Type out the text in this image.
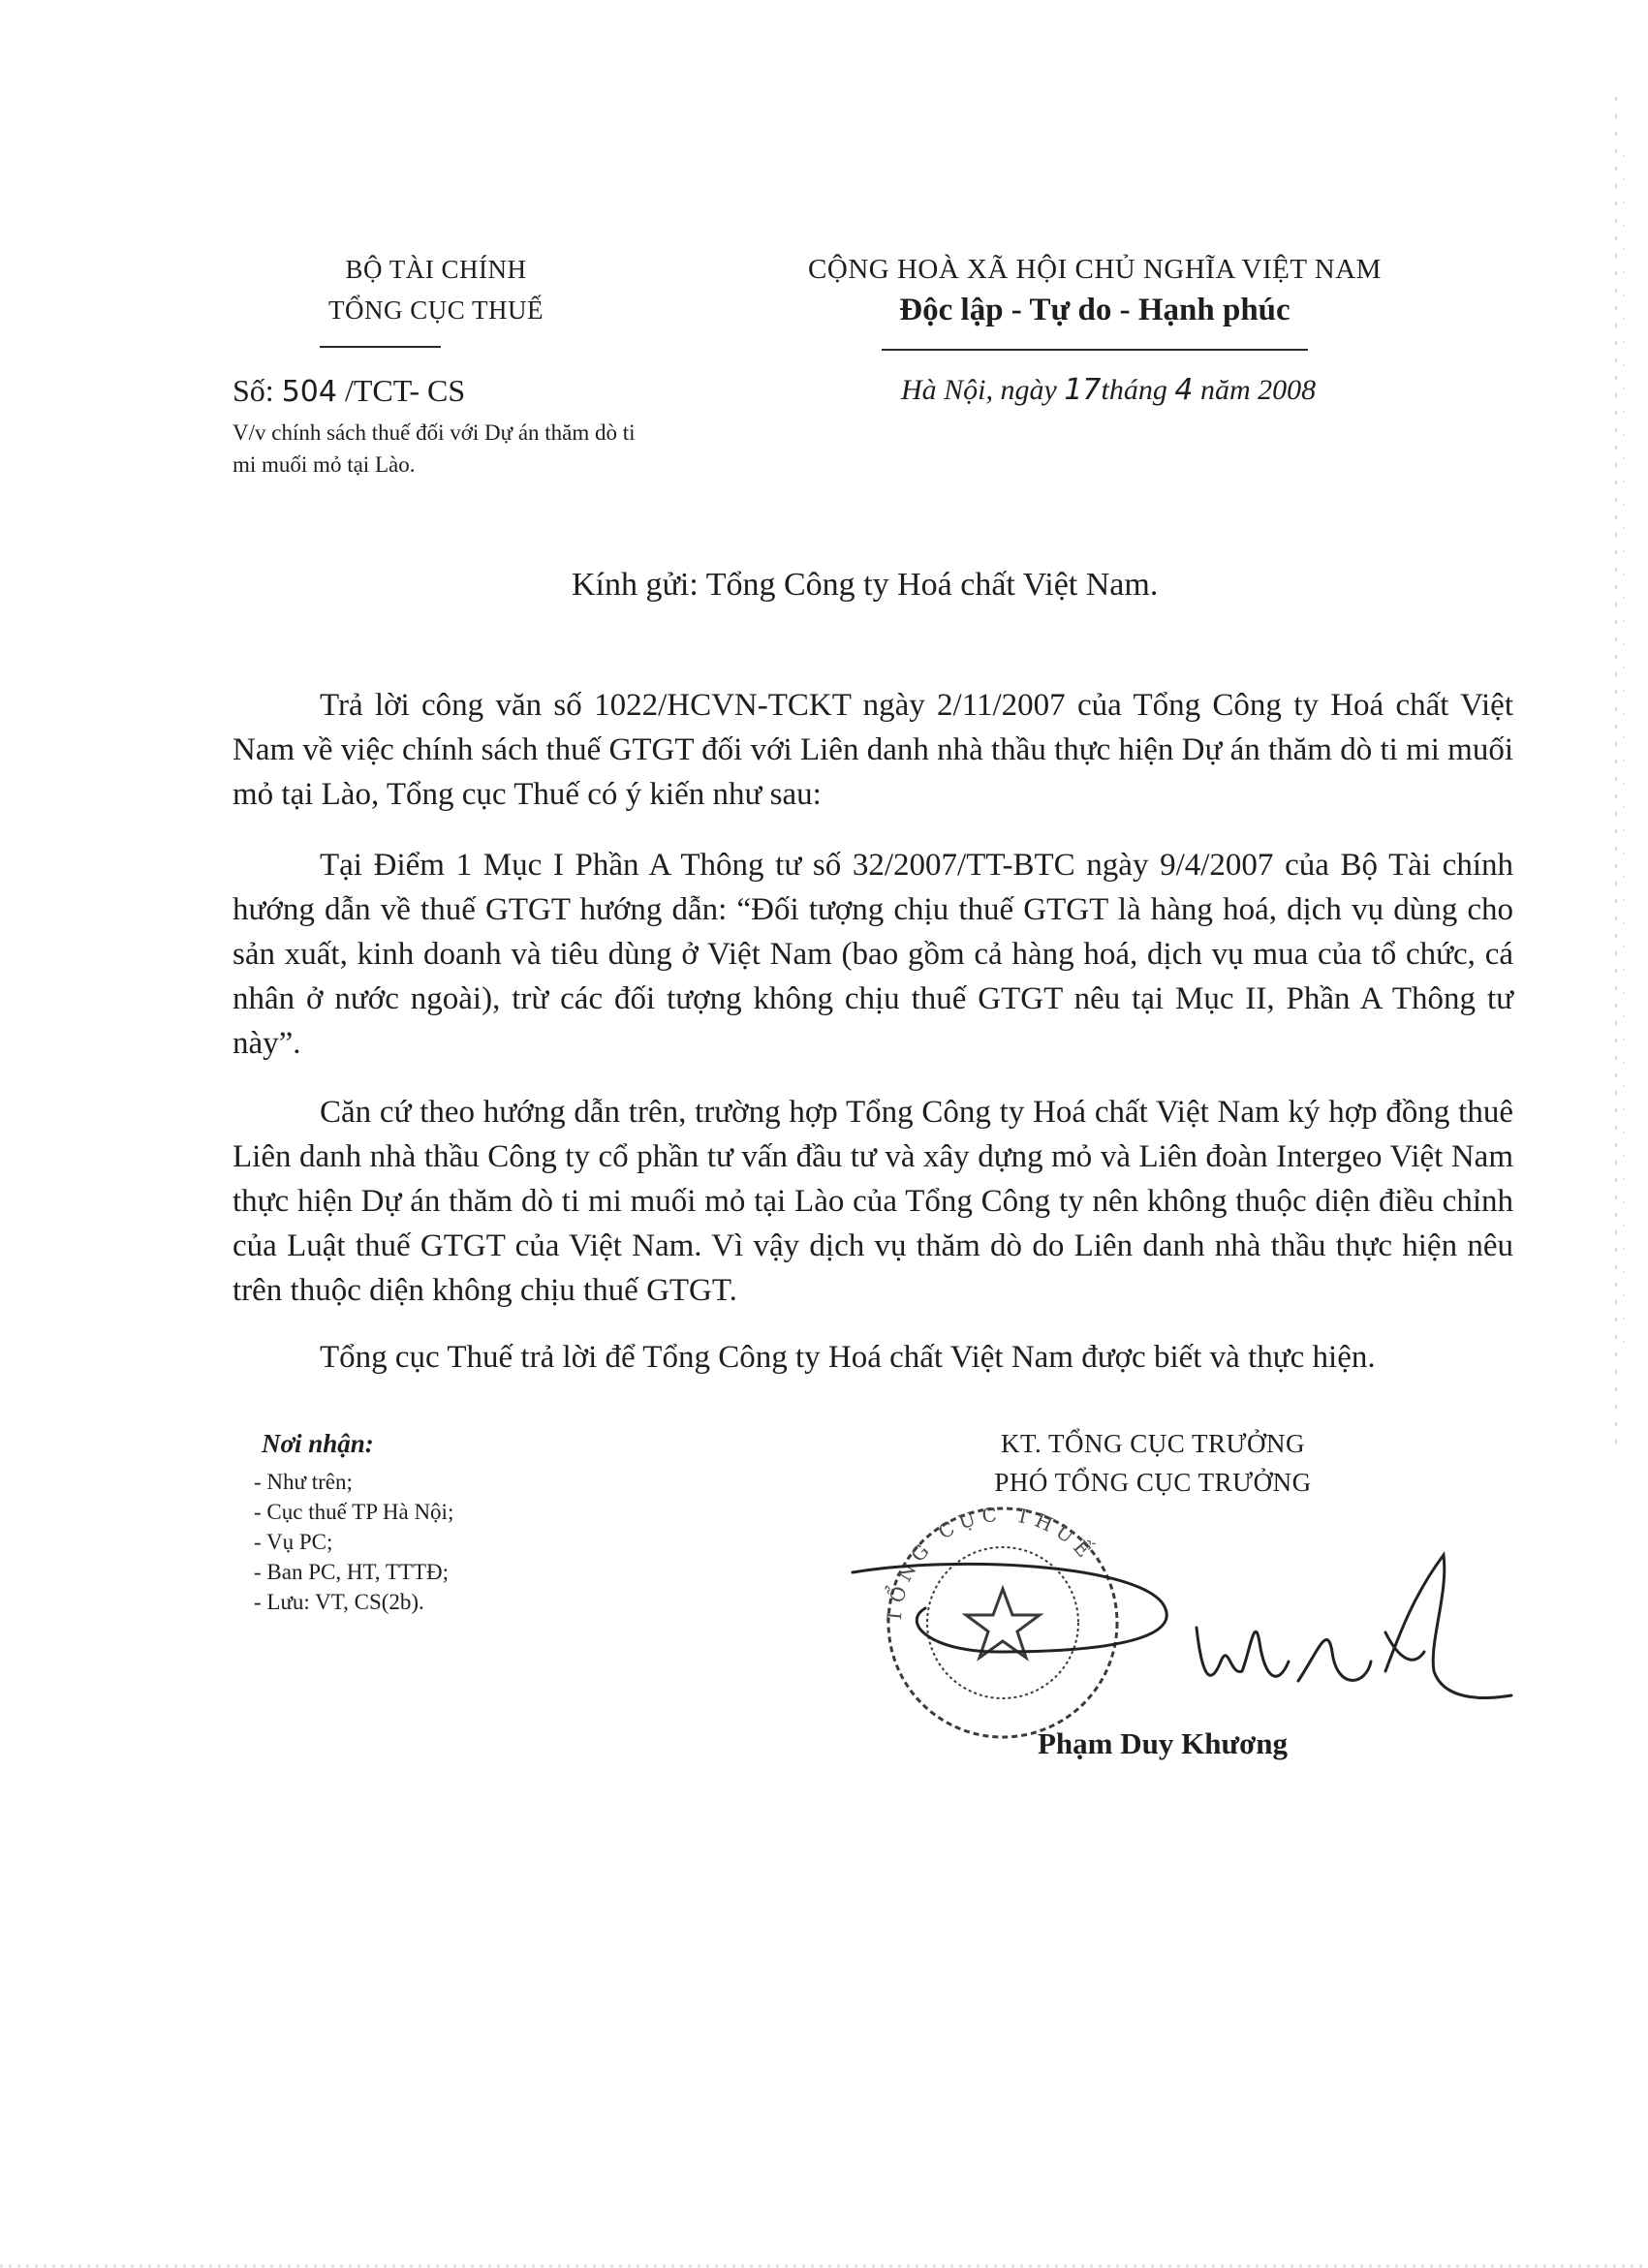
BỘ TÀI CHÍNH
TỔNG CỤC THUẾ
CỘNG HOÀ XÃ HỘI CHỦ NGHĨA VIỆT NAM
Độc lập - Tự do - Hạnh phúc
Số: 504 /TCT- CS
V/v chính sách thuế đối với Dự án thăm dò ti mi muối mỏ tại Lào.
Hà Nội, ngày 17tháng 4 năm 2008
Kính gửi: Tổng Công ty Hoá chất Việt Nam.

Trả lời công văn số 1022/HCVN-TCKT ngày 2/11/2007 của Tổng Công ty Hoá chất Việt Nam về việc chính sách thuế GTGT đối với Liên danh nhà thầu thực hiện Dự án thăm dò ti mi muối mỏ tại Lào, Tổng cục Thuế có ý kiến như sau:

Tại Điểm 1 Mục I Phần A Thông tư số 32/2007/TT-BTC ngày 9/4/2007 của Bộ Tài chính hướng dẫn về thuế GTGT hướng dẫn: “Đối tượng chịu thuế GTGT là hàng hoá, dịch vụ dùng cho sản xuất, kinh doanh và tiêu dùng ở Việt Nam (bao gồm cả hàng hoá, dịch vụ mua của tổ chức, cá nhân ở nước ngoài), trừ các đối tượng không chịu thuế GTGT nêu tại Mục II, Phần A Thông tư này”.

Căn cứ theo hướng dẫn trên, trường hợp Tổng Công ty Hoá chất Việt Nam ký hợp đồng thuê Liên danh nhà thầu Công ty cổ phần tư vấn đầu tư và xây dựng mỏ và Liên đoàn Intergeo Việt Nam thực hiện Dự án thăm dò ti mi muối mỏ tại Lào của Tổng Công ty nên không thuộc diện điều chỉnh của Luật thuế GTGT của Việt Nam. Vì vậy dịch vụ thăm dò do Liên danh nhà thầu thực hiện nêu trên thuộc diện không chịu thuế GTGT.

Tổng cục Thuế trả lời để Tổng Công ty Hoá chất Việt Nam được biết và thực hiện.

Nơi nhận:
- Như trên;
- Cục thuế TP Hà Nội;
- Vụ PC;
- Ban PC, HT, TTTĐ;
- Lưu: VT, CS(2b).
KT. TỔNG CỤC TRƯỞNG
PHÓ TỔNG CỤC TRƯỞNG
TỔNG CỤC THUẾ
Phạm Duy Khương
